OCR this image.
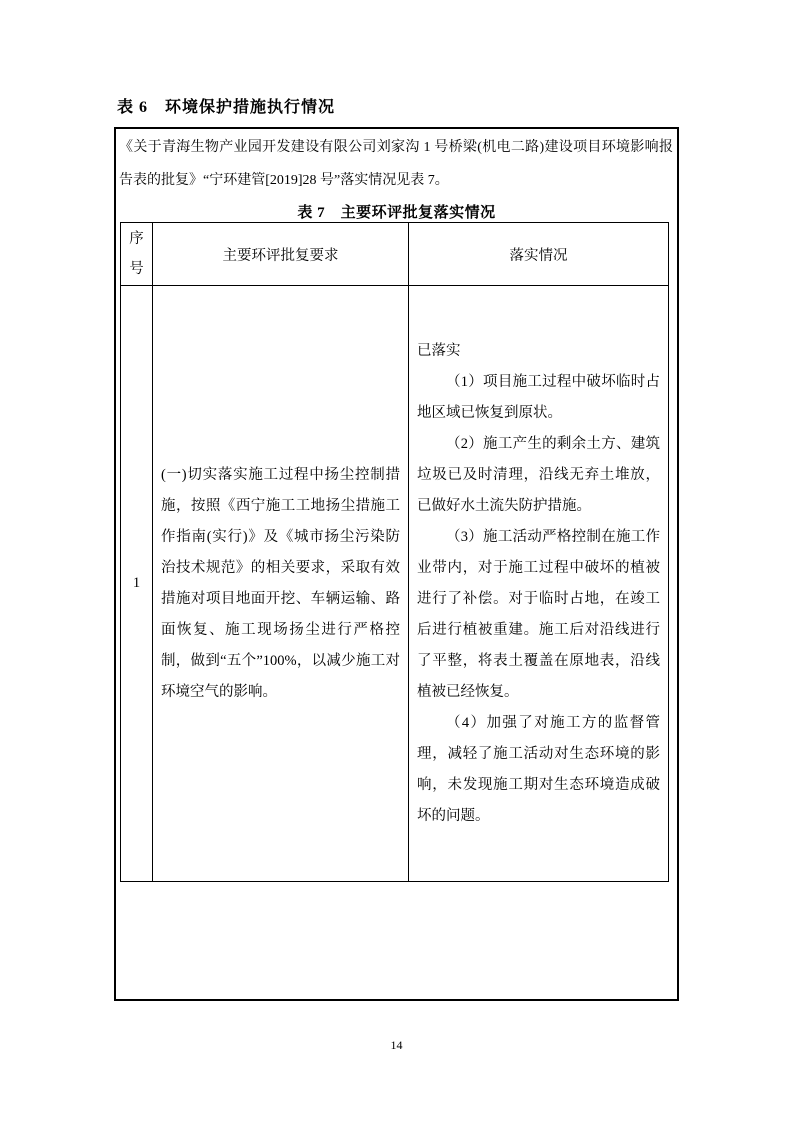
表 6　环境保护措施执行情况

《关于青海生物产业园开发建设有限公司刘家沟 1 号桥梁(机电二路)建设项目环境影响报告表的批复》“宁环建管[2019]28 号”落实情况见表 7。

表 7　主要环评批复落实情况
序号	主要环评批复要求	落实情况
1	(一)切实落实施工过程中扬尘控制措施，按照《西宁施工工地扬尘措施工作指南(实行)》及《城市扬尘污染防治技术规范》的相关要求，采取有效措施对项目地面开挖、车辆运输、路面恢复、施工现场扬尘进行严格控制，做到“五个”100%，以减少施工对环境空气的影响。	已落实

（1）项目施工过程中破坏临时占地区域已恢复到原状。

（2）施工产生的剩余土方、建筑垃圾已及时清理，沿线无弃土堆放，已做好水土流失防护措施。

（3）施工活动严格控制在施工作业带内，对于施工过程中破坏的植被进行了补偿。对于临时占地，在竣工后进行植被重建。施工后对沿线进行了平整，将表土覆盖在原地表，沿线植被已经恢复。

（4）加强了对施工方的监督管理，减轻了施工活动对生态环境的影响，未发现施工期对生态环境造成破坏的问题。

14
